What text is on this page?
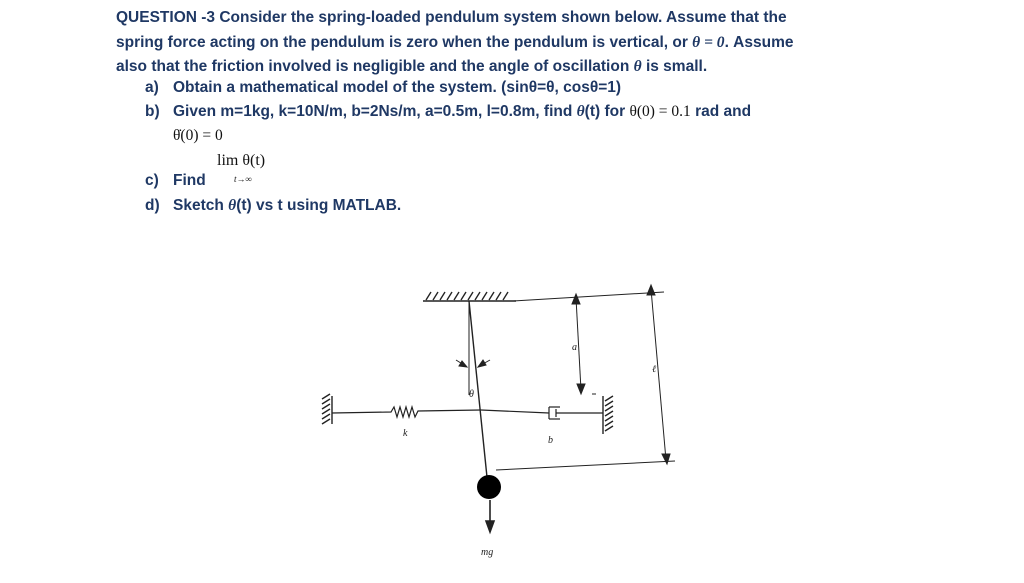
QUESTION -3 Consider the spring-loaded pendulum system shown below. Assume that the
spring force acting on the pendulum is zero when the pendulum is vertical, or θ = 0. Assume
also that the friction involved is negligible and the angle of oscillation θ is small.
a) Obtain a mathematical model of the system. (sinθ=θ, cosθ=1)
b) Given m=1kg, k=10N/m, b=2Ns/m, a=0.5m, l=0.8m, find θ(t) for θ(0) = 0.1 rad and
θ̇(0) = 0
c) Find
lim θ(t)
t→∞
d) Sketch θ(t) vs t using MATLAB.
a
ℓ
θ
k
b
mg
